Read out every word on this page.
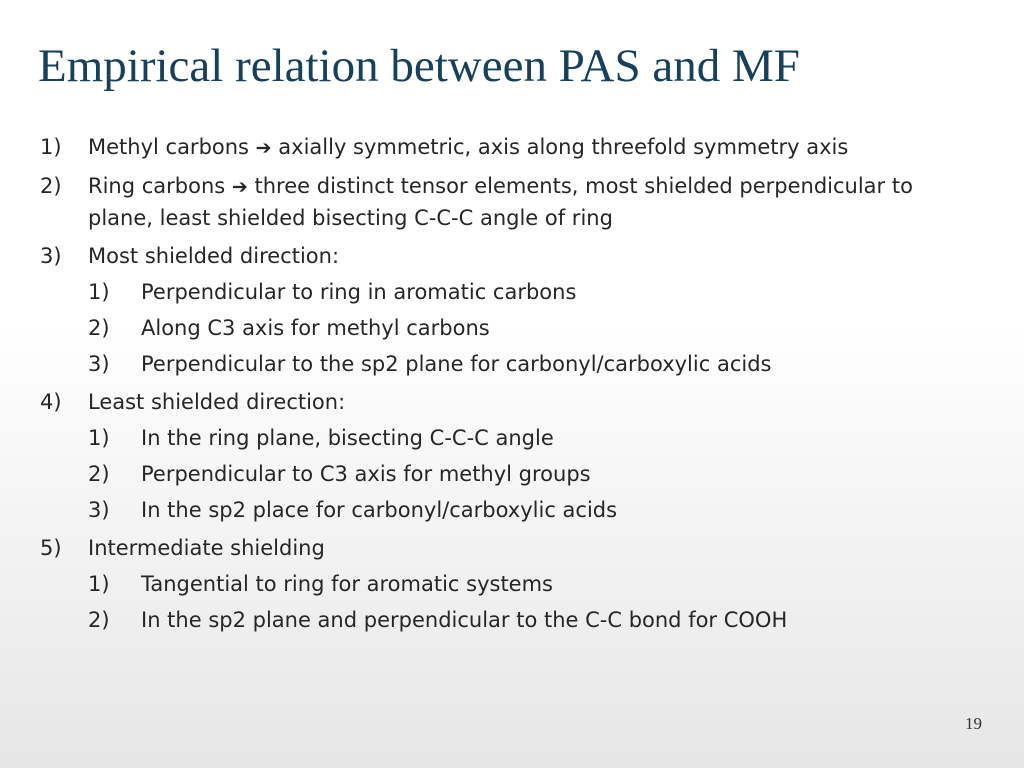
Empirical relation between PAS and MF
1) Methyl carbons ➔ axially symmetric, axis along threefold symmetry axis
2) Ring carbons ➔ three distinct tensor elements, most shielded perpendicular to plane, least shielded bisecting C-C-C angle of ring
3) Most shielded direction:
1) Perpendicular to ring in aromatic carbons
2) Along C3 axis for methyl carbons
3) Perpendicular to the sp2 plane for carbonyl/carboxylic acids
4) Least shielded direction:
1) In the ring plane, bisecting C-C-C angle
2) Perpendicular to C3 axis for methyl groups
3) In the sp2 place for carbonyl/carboxylic acids
5) Intermediate shielding
1) Tangential to ring for aromatic systems
2) In the sp2 plane and perpendicular to the C-C bond for COOH
19
